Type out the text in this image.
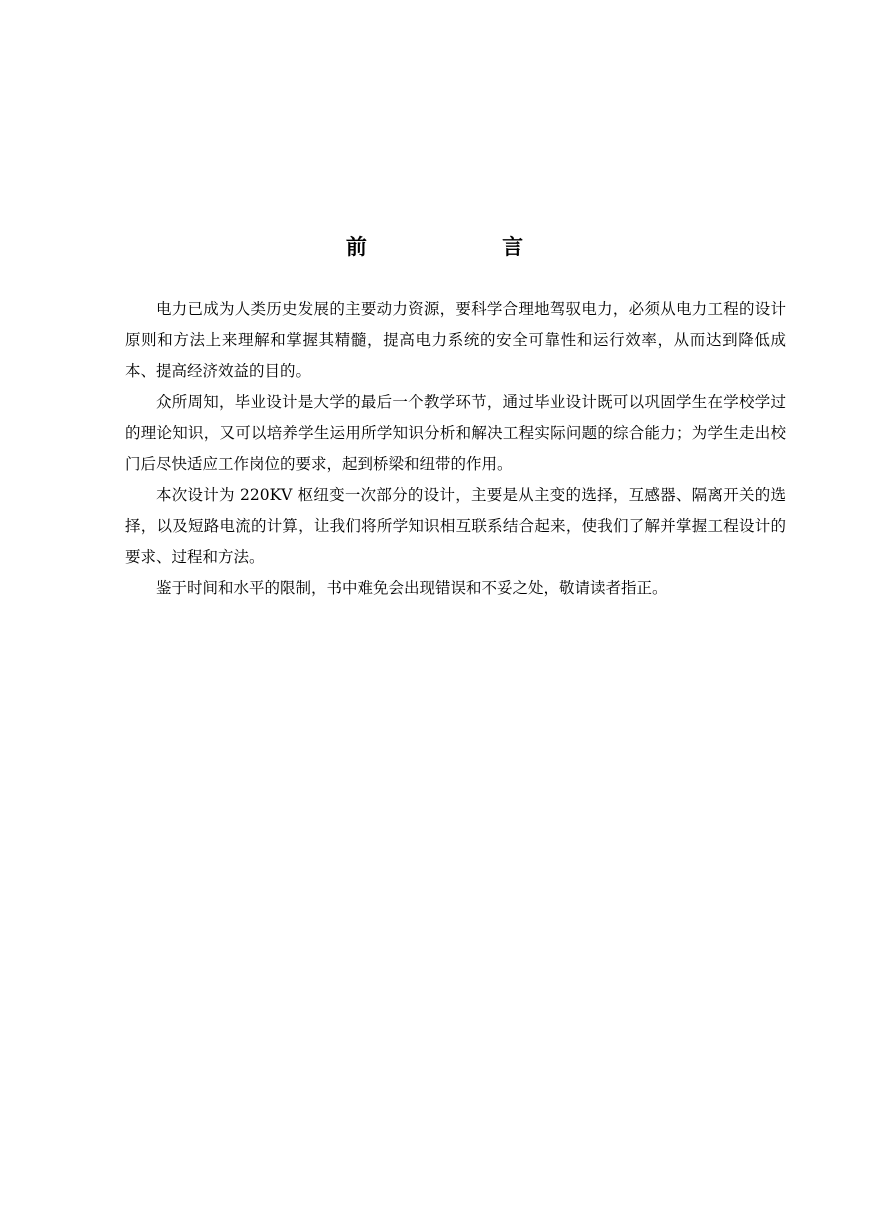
前 言

电力已成为人类历史发展的主要动力资源，要科学合理地驾驭电力，必须从电力工程的设计原则和方法上来理解和掌握其精髓，提高电力系统的安全可靠性和运行效率，从而达到降低成本、提高经济效益的目的。

众所周知，毕业设计是大学的最后一个教学环节，通过毕业设计既可以巩固学生在学校学过的理论知识，又可以培养学生运用所学知识分析和解决工程实际问题的综合能力；为学生走出校门后尽快适应工作岗位的要求，起到桥梁和纽带的作用。

本次设计为 220KV 枢纽变一次部分的设计，主要是从主变的选择，互感器、隔离开关的选择，以及短路电流的计算，让我们将所学知识相互联系结合起来，使我们了解并掌握工程设计的要求、过程和方法。

鉴于时间和水平的限制，书中难免会出现错误和不妥之处，敬请读者指正。
